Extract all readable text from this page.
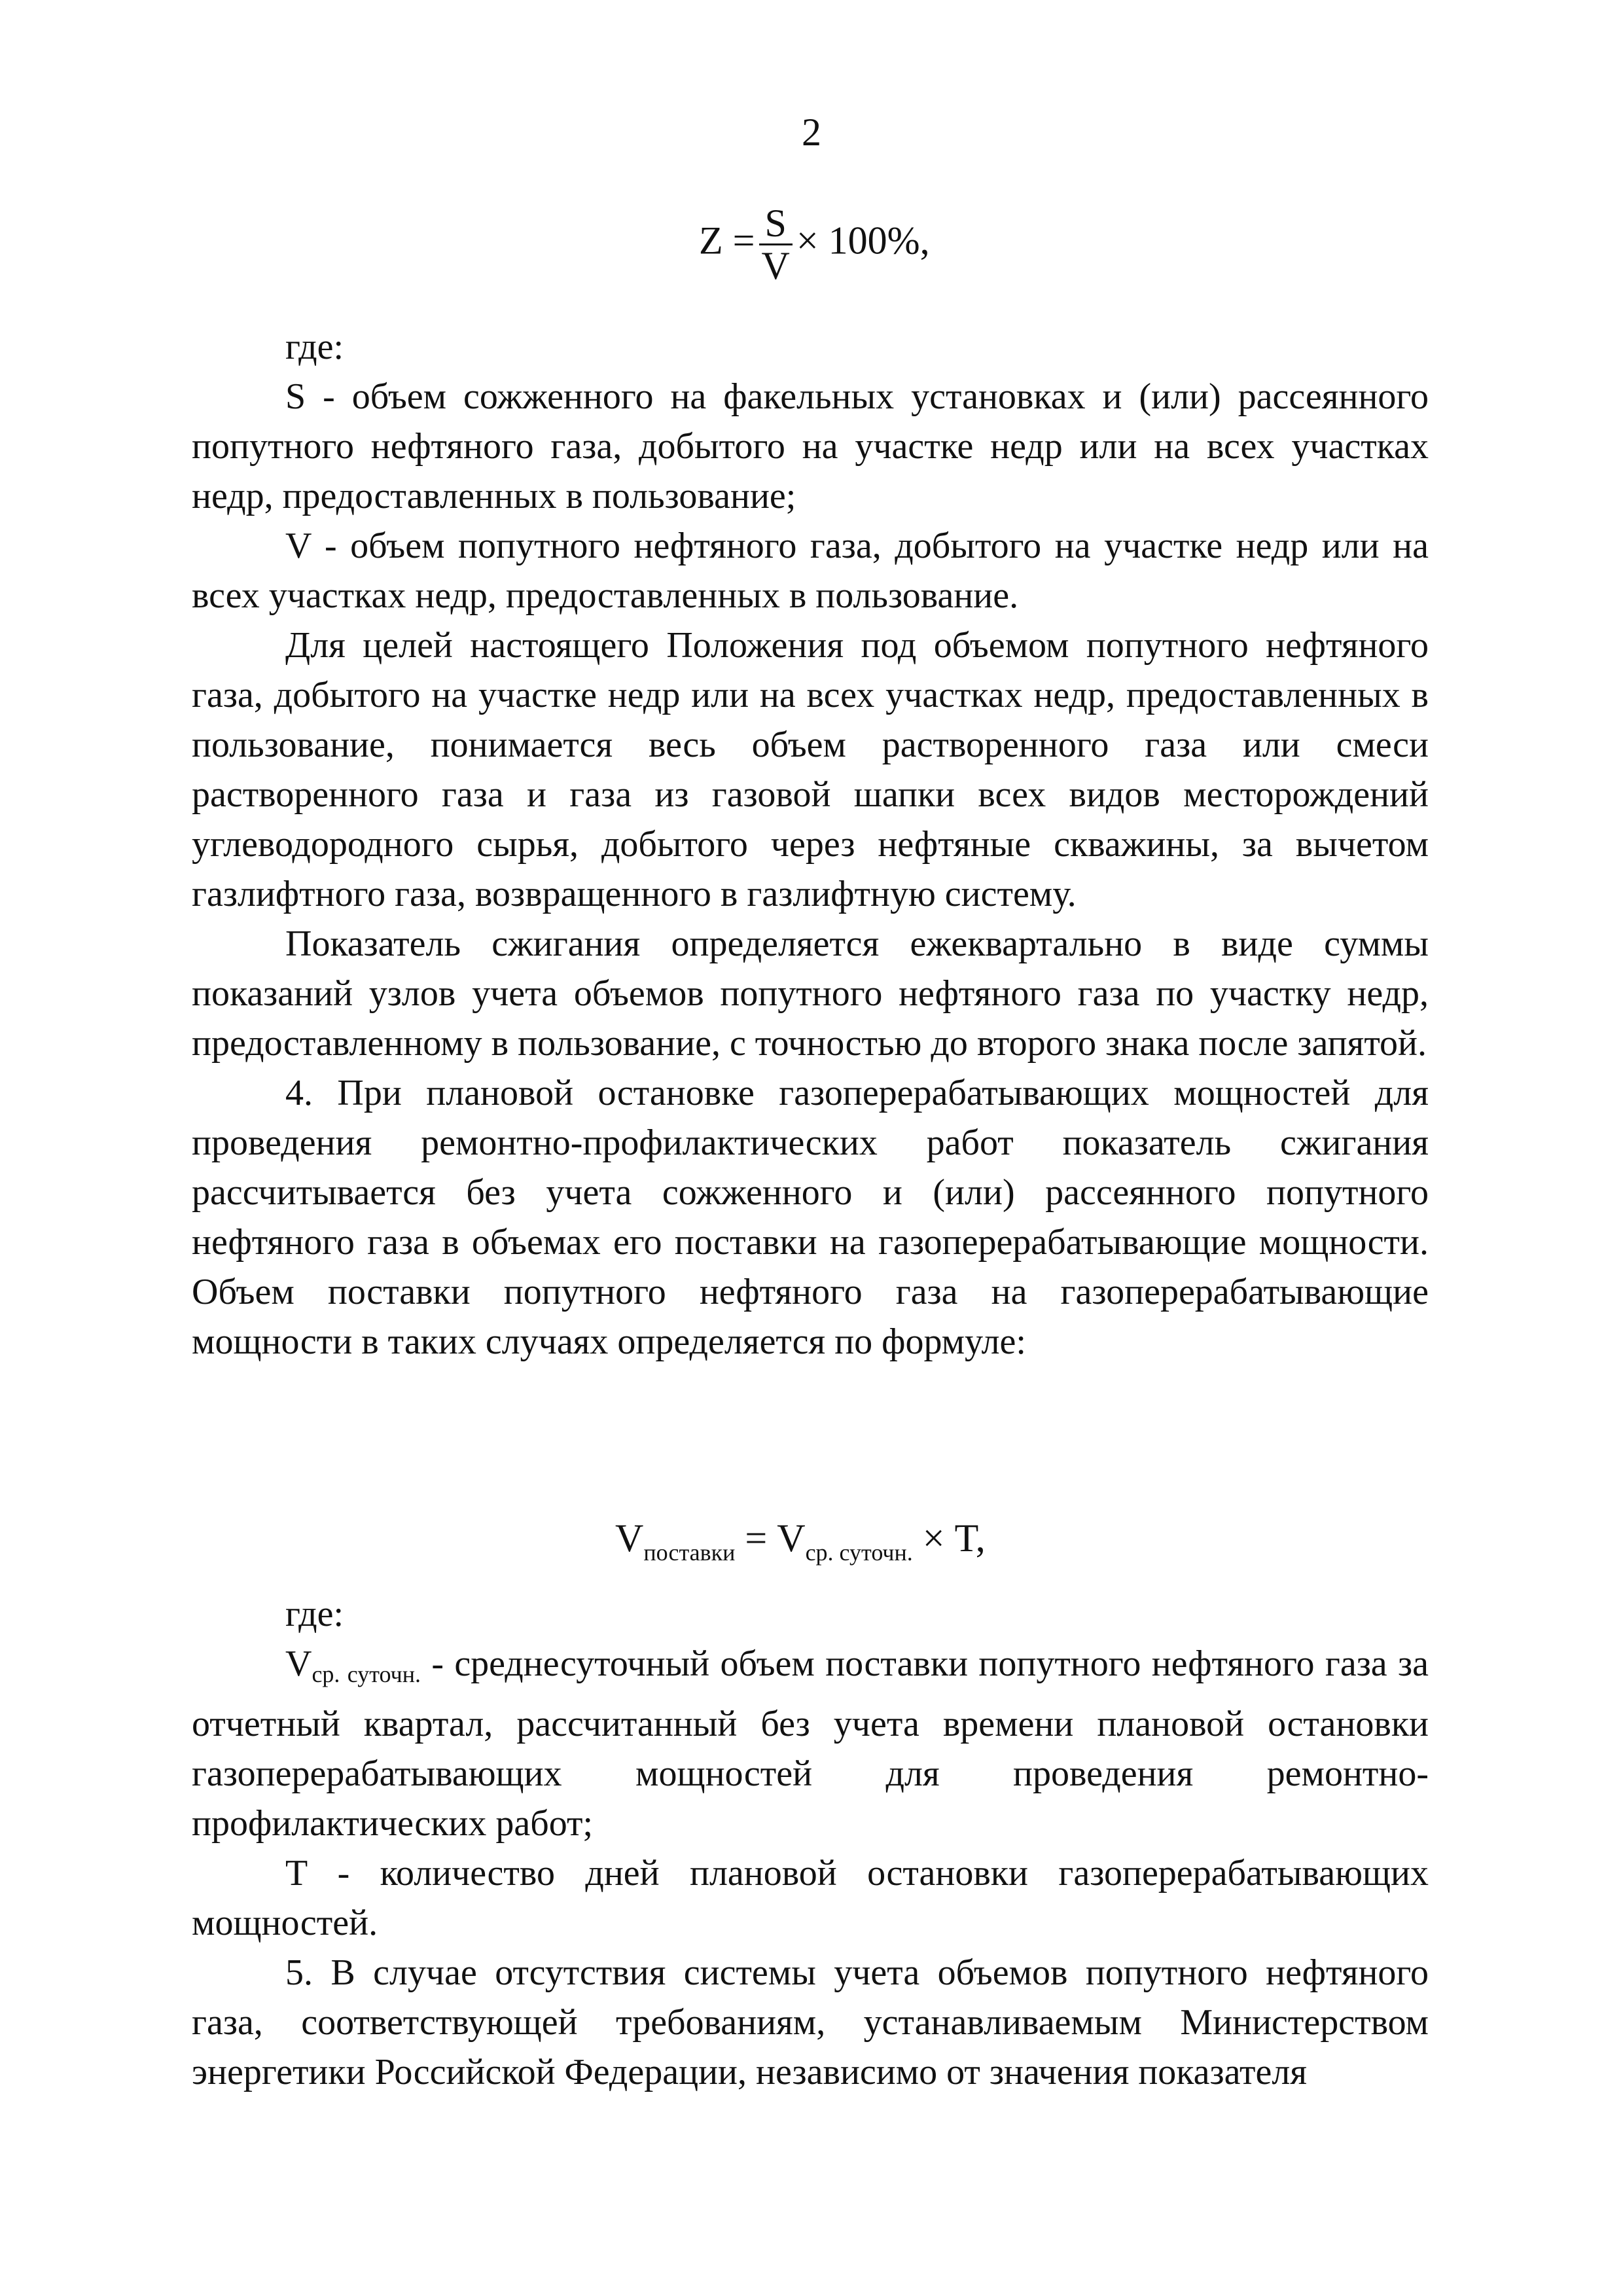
2
$Z = \frac{S}{V} \times 100\%$,

где:

S - объем сожженного на факельных установках и (или) рассеянного попутного нефтяного газа, добытого на участке недр или на всех участках недр, предоставленных в пользование;

V - объем попутного нефтяного газа, добытого на участке недр или на всех участках недр, предоставленных в пользование.

Для целей настоящего Положения под объемом попутного нефтяного газа, добытого на участке недр или на всех участках недр, предоставленных в пользование, понимается весь объем растворенного газа или смеси растворенного газа и газа из газовой шапки всех видов месторождений углеводородного сырья, добытого через нефтяные скважины, за вычетом газлифтного газа, возвращенного в газлифтную систему.

Показатель сжигания определяется ежеквартально в виде суммы показаний узлов учета объемов попутного нефтяного газа по участку недр, предоставленному в пользование, с точностью до второго знака после запятой.

4. При плановой остановке газоперерабатывающих мощностей для проведения ремонтно-профилактических работ показатель сжигания рассчитывается без учета сожженного и (или) рассеянного попутного нефтяного газа в объемах его поставки на газоперерабатывающие мощности. Объем поставки попутного нефтяного газа на газоперерабатывающие мощности в таких случаях определяется по формуле:

$V_{поставки} = V_{ср. суточн.} \times T$,

где:

Vср. суточн. - среднесуточный объем поставки попутного нефтяного газа за отчетный квартал, рассчитанный без учета времени плановой остановки газоперерабатывающих мощностей для проведения ремонтно-профилактических работ;

T - количество дней плановой остановки газоперерабатывающих мощностей.

5. В случае отсутствия системы учета объемов попутного нефтяного газа, соответствующей требованиям, устанавливаемым Министерством энергетики Российской Федерации, независимо от значения показателя
